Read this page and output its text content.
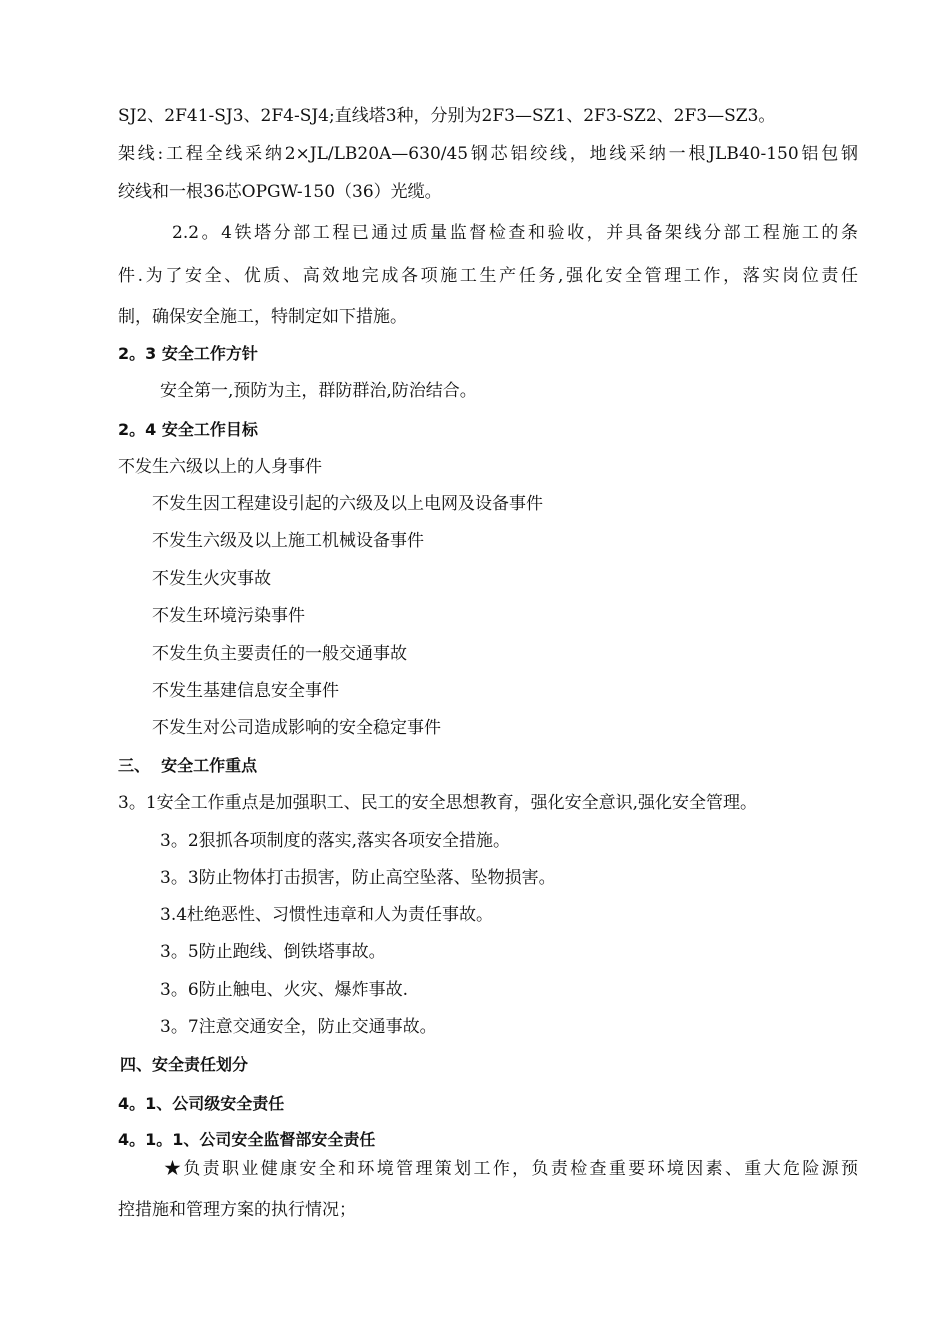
SJ2、2F41-SJ3、2F4-SJ4;直线塔3种，分别为2F3—SZ1、2F3-SZ2、2F3—SZ3。
架线:工程全线采纳2×JL/LB20A—630/45钢芯铝绞线，地线采纳一根JLB40-150铝包钢
绞线和一根36芯OPGW-150（36）光缆。
2.2。4铁塔分部工程已通过质量监督检查和验收，并具备架线分部工程施工的条
件.为了安全、优质、高效地完成各项施工生产任务,强化安全管理工作，落实岗位责任
制，确保安全施工，特制定如下措施。
2。3 安全工作方针
安全第一,预防为主，群防群治,防治结合。
2。4 安全工作目标
不发生六级以上的人身事件
不发生因工程建设引起的六级及以上电网及设备事件
不发生六级及以上施工机械设备事件
不发生火灾事故
不发生环境污染事件
不发生负主要责任的一般交通事故
不发生基建信息安全事件
不发生对公司造成影响的安全稳定事件
三、  安全工作重点
3。1安全工作重点是加强职工、民工的安全思想教育，强化安全意识,强化安全管理。
3。2狠抓各项制度的落实,落实各项安全措施。
3。3防止物体打击损害，防止高空坠落、坠物损害。
3.4杜绝恶性、习惯性违章和人为责任事故。
3。5防止跑线、倒铁塔事故。
3。6防止触电、火灾、爆炸事故.
3。7注意交通安全，防止交通事故。
四、安全责任划分
4。1、公司级安全责任
4。1。1、公司安全监督部安全责任
★负责职业健康安全和环境管理策划工作，负责检查重要环境因素、重大危险源预
控措施和管理方案的执行情况；
